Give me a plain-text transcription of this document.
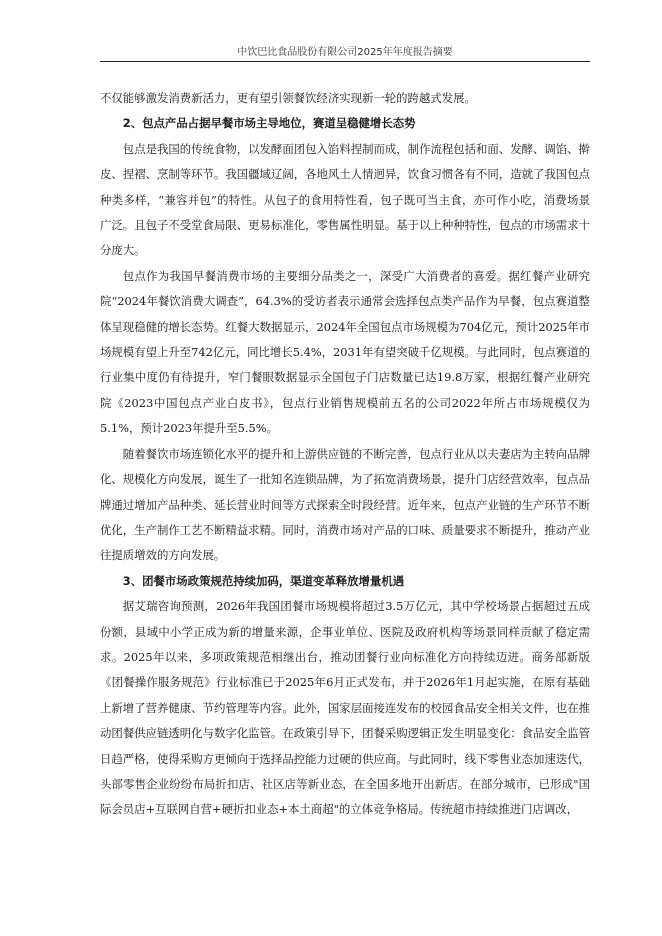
中饮巴比食品股份有限公司2025年年度报告摘要

不仅能够激发消费新活力，更有望引领餐饮经济实现新一轮的跨越式发展。

2、包点产品占据早餐市场主导地位，赛道呈稳健增长态势

包点是我国的传统食物，以发酵面团包入馅料捏制而成，制作流程包括和面、发酵、调馅、擀皮、捏褶、烹制等环节。我国疆域辽阔，各地风土人情迥异，饮食习惯各有不同，造就了我国包点种类多样，“兼容并包”的特性。从包子的食用特性看，包子既可当主食，亦可作小吃，消费场景广泛。且包子不受堂食局限、更易标准化，零售属性明显。基于以上种种特性，包点的市场需求十分庞大。

包点作为我国早餐消费市场的主要细分品类之一，深受广大消费者的喜爱。据红餐产业研究院“2024年餐饮消费大调查”，64.3%的受访者表示通常会选择包点类产品作为早餐，包点赛道整体呈现稳健的增长态势。红餐大数据显示，2024年全国包点市场规模为704亿元，预计2025年市场规模有望上升至742亿元，同比增长5.4%，2031年有望突破千亿规模。与此同时，包点赛道的行业集中度仍有待提升，窄门餐眼数据显示全国包子门店数量已达19.8万家，根据红餐产业研究院《2023中国包点产业白皮书》，包点行业销售规模前五名的公司2022年所占市场规模仅为5.1%，预计2023年提升至5.5%。

随着餐饮市场连锁化水平的提升和上游供应链的不断完善，包点行业从以夫妻店为主转向品牌化、规模化方向发展，诞生了一批知名连锁品牌，为了拓宽消费场景，提升门店经营效率，包点品牌通过增加产品种类、延长营业时间等方式探索全时段经营。近年来，包点产业链的生产环节不断优化，生产制作工艺不断精益求精。同时，消费市场对产品的口味、质量要求不断提升，推动产业往提质增效的方向发展。

3、团餐市场政策规范持续加码，渠道变革释放增量机遇

据艾瑞咨询预测，2026年我国团餐市场规模将超过3.5万亿元，其中学校场景占据超过五成份额，县域中小学正成为新的增量来源，企事业单位、医院及政府机构等场景同样贡献了稳定需求。2025年以来，多项政策规范相继出台，推动团餐行业向标准化方向持续迈进。商务部新版《团餐操作服务规范》行业标准已于2025年6月正式发布，并于2026年1月起实施，在原有基础上新增了营养健康、节约管理等内容。此外，国家层面接连发布的校园食品安全相关文件，也在推动团餐供应链透明化与数字化监管。在政策引导下，团餐采购逻辑正发生明显变化：食品安全监管日趋严格，使得采购方更倾向于选择品控能力过硬的供应商。与此同时，线下零售业态加速迭代，头部零售企业纷纷布局折扣店、社区店等新业态，在全国多地开出新店。在部分城市，已形成"国际会员店+互联网自营+硬折扣业态+本土商超"的立体竞争格局。传统超市持续推进门店调改，
